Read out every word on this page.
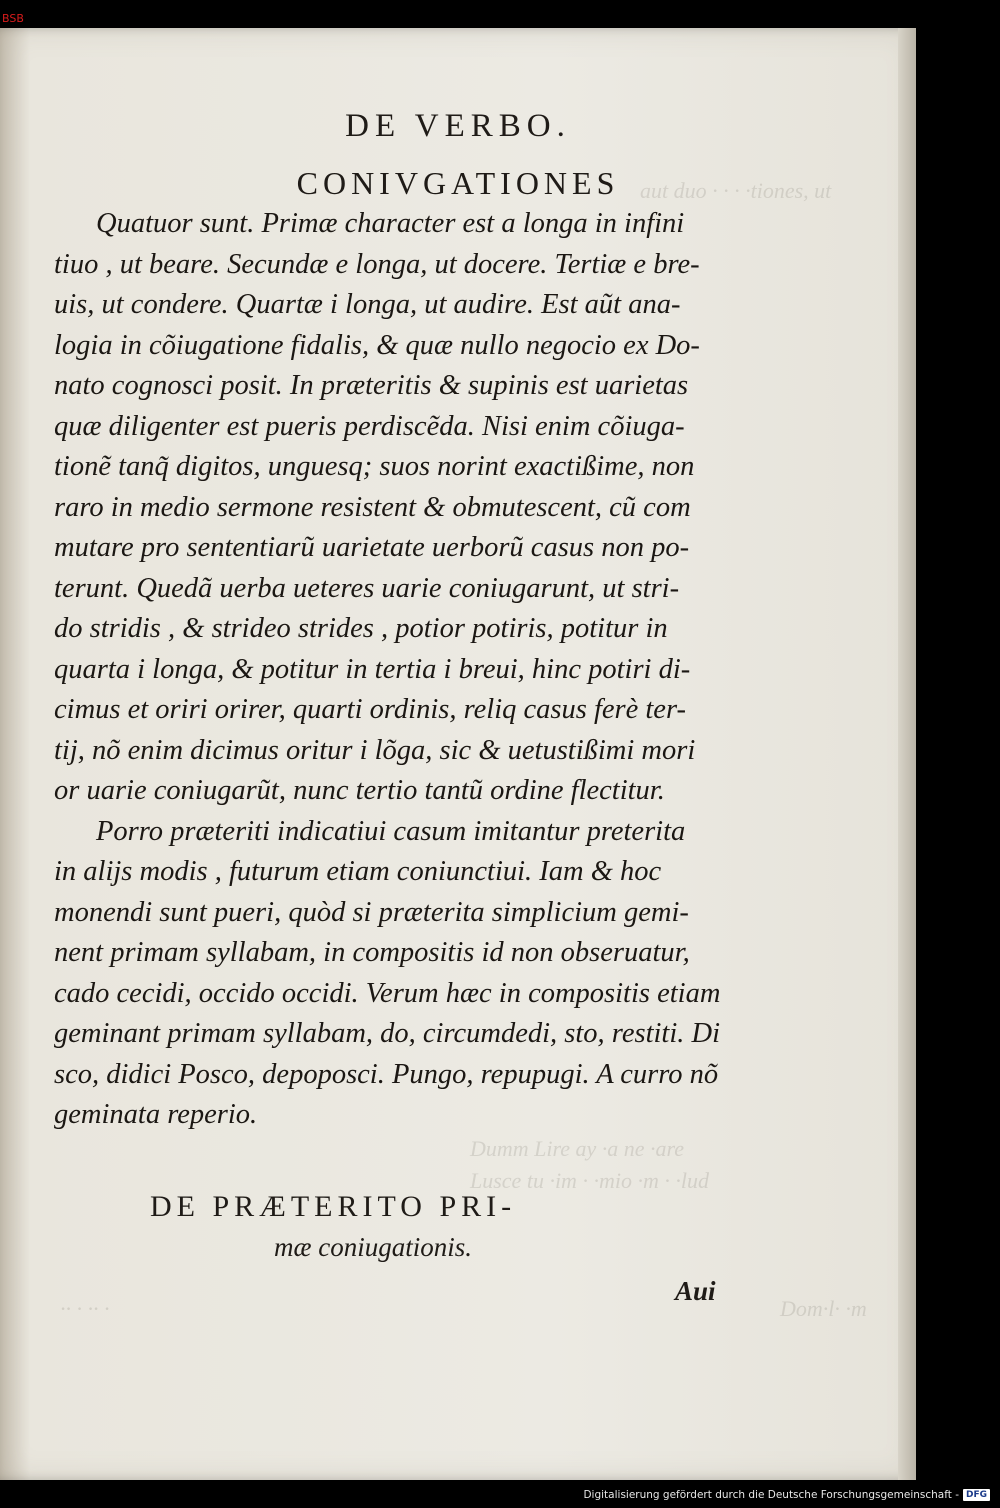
BSB
aut duo · · · ·tiones, ut
Dumm Lire ay ·a ne ·are
Lusce tu ·im · ·mio ·m · ·lud
·· · ·· ·	Dom·l· ·m
DE VERBO.
CONIVGATIONES
Quatuor sunt. Primæ character est a longa in infini
tiuo , ut beare. Secundæ e longa, ut docere. Tertiæ e bre-
uis, ut condere. Quartæ i longa, ut audire. Est aũt ana-
logia in cõiugatione fidalis, & quæ nullo negocio ex Do-
nato cognosci posit. In præteritis & supinis est uarietas
quæ diligenter est pueris perdiscẽda. Nisi enim cõiuga-
tionẽ tanq̃ digitos, unguesq; suos norint exactißime, non
raro in medio sermone resistent & obmutescent, cũ com
mutare pro sententiarũ uarietate uerborũ casus non po-
terunt. Quedã uerba ueteres uarie coniugarunt, ut stri-
do stridis , & strideo strides , potior potiris, potitur in
quarta i longa, & potitur in tertia i breui, hinc potiri di-
cimus et oriri orirer, quarti ordinis, reliq casus ferè ter-
tij, nõ enim dicimus oritur i lõga, sic & uetustißimi mori
or uarie coniugarũt, nunc tertio tantũ ordine flectitur.
Porro præteriti indicatiui casum imitantur preterita
in alijs modis , futurum etiam coniunctiui. Iam & hoc
monendi sunt pueri, quòd si præterita simplicium gemi-
nent primam syllabam, in compositis id non obseruatur,
cado cecidi, occido occidi. Verum hæc in compositis etiam
geminant primam syllabam, do, circumdedi, sto, restiti. Di
sco, didici Posco, depoposci. Pungo, repupugi. A curro nõ
geminata reperio.
DE PRÆTERITO PRI-
mæ coniugationis.
Aui
Digitalisierung gefördert durch die Deutsche Forschungsgemeinschaft - DFG
